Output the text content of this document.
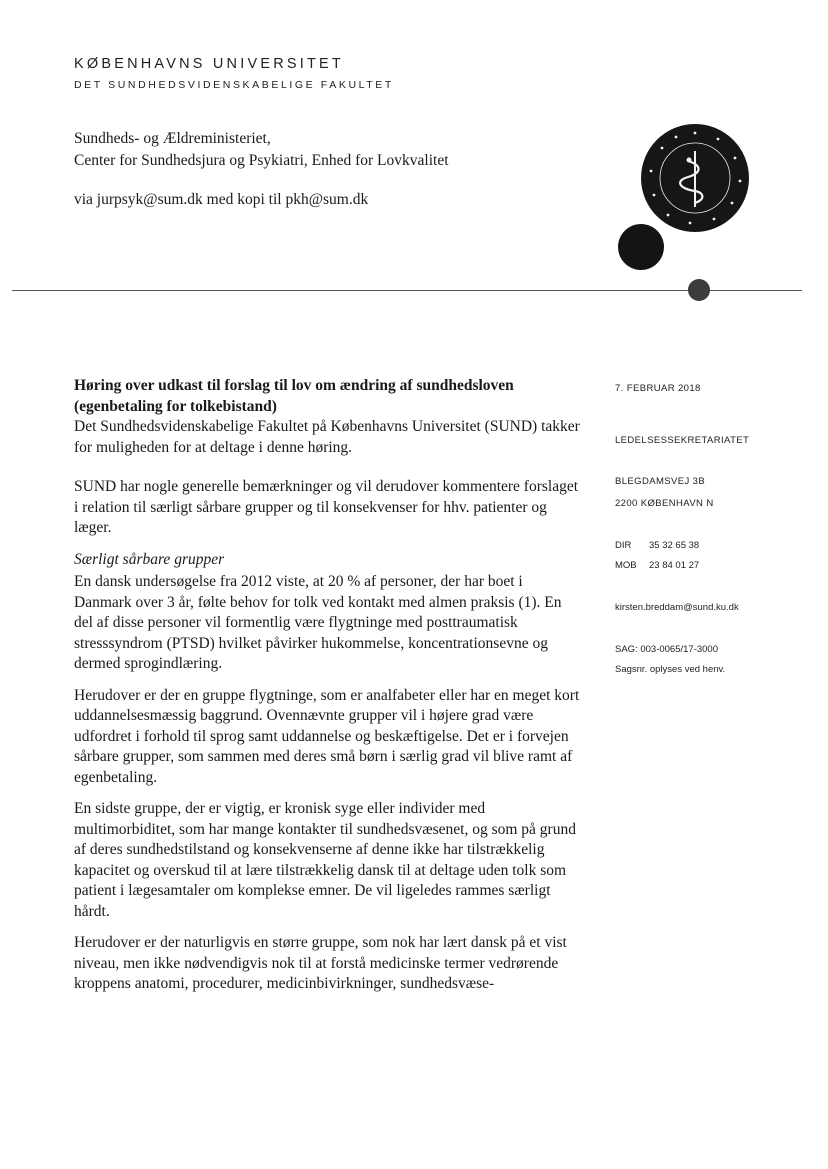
KØBENHAVNS UNIVERSITET
DET SUNDHEDSVIDENSKABELIGE FAKULTET
Sundheds- og Ældreministeriet,
Center for Sundhedsjura og Psykiatri, Enhed for Lovkvalitet
via jurpsyk@sum.dk med kopi til pkh@sum.dk
Høring over udkast til forslag til lov om ændring af sundhedsloven
(egenbetaling for tolkebistand)

Det Sundhedsvidenskabelige Fakultet på Københavns Universitet (SUND) takker for muligheden for at deltage i denne høring.

SUND har nogle generelle bemærkninger og vil derudover kommentere forslaget i relation til særligt sårbare grupper og til konsekvenser for hhv. patienter og læger.

Særligt sårbare grupper

En dansk undersøgelse fra 2012 viste, at 20 % af personer, der har boet i Danmark over 3 år, følte behov for tolk ved kontakt med almen praksis (1). En del af disse personer vil formentlig være flygtninge med posttraumatisk stresssyndrom (PTSD) hvilket påvirker hukommelse, koncentrationsevne og dermed sprogindlæring.

Herudover er der en gruppe flygtninge, som er analfabeter eller har en meget kort uddannelsesmæssig baggrund. Ovennævnte grupper vil i højere grad være udfordret i forhold til sprog samt uddannelse og beskæftigelse. Det er i forvejen sårbare grupper, som sammen med deres små børn i særlig grad vil blive ramt af egenbetaling.

En sidste gruppe, der er vigtig, er kronisk syge eller individer med multimorbiditet, som har mange kontakter til sundhedsvæsenet, og som på grund af deres sundhedstilstand og konsekvenserne af denne ikke har tilstrækkelig kapacitet og overskud til at lære tilstrækkelig dansk til at deltage uden tolk som patient i lægesamtaler om komplekse emner. De vil ligeledes rammes særligt hårdt.

Herudover er der naturligvis en større gruppe, som nok har lært dansk på et vist niveau, men ikke nødvendigvis nok til at forstå medicinske termer vedrørende kroppens anatomi, procedurer, medicinbivirkninger, sundhedsvæse-

7. FEBRUAR 2018
LEDELSESSEKRETARIATET
BLEGDAMSVEJ 3B
2200 KØBENHAVN N
DIR 35 32 65 38
MOB 23 84 01 27
kirsten.breddam@sund.ku.dk
SAG: 003-0065/17-3000
Sagsnr. oplyses ved henv.
